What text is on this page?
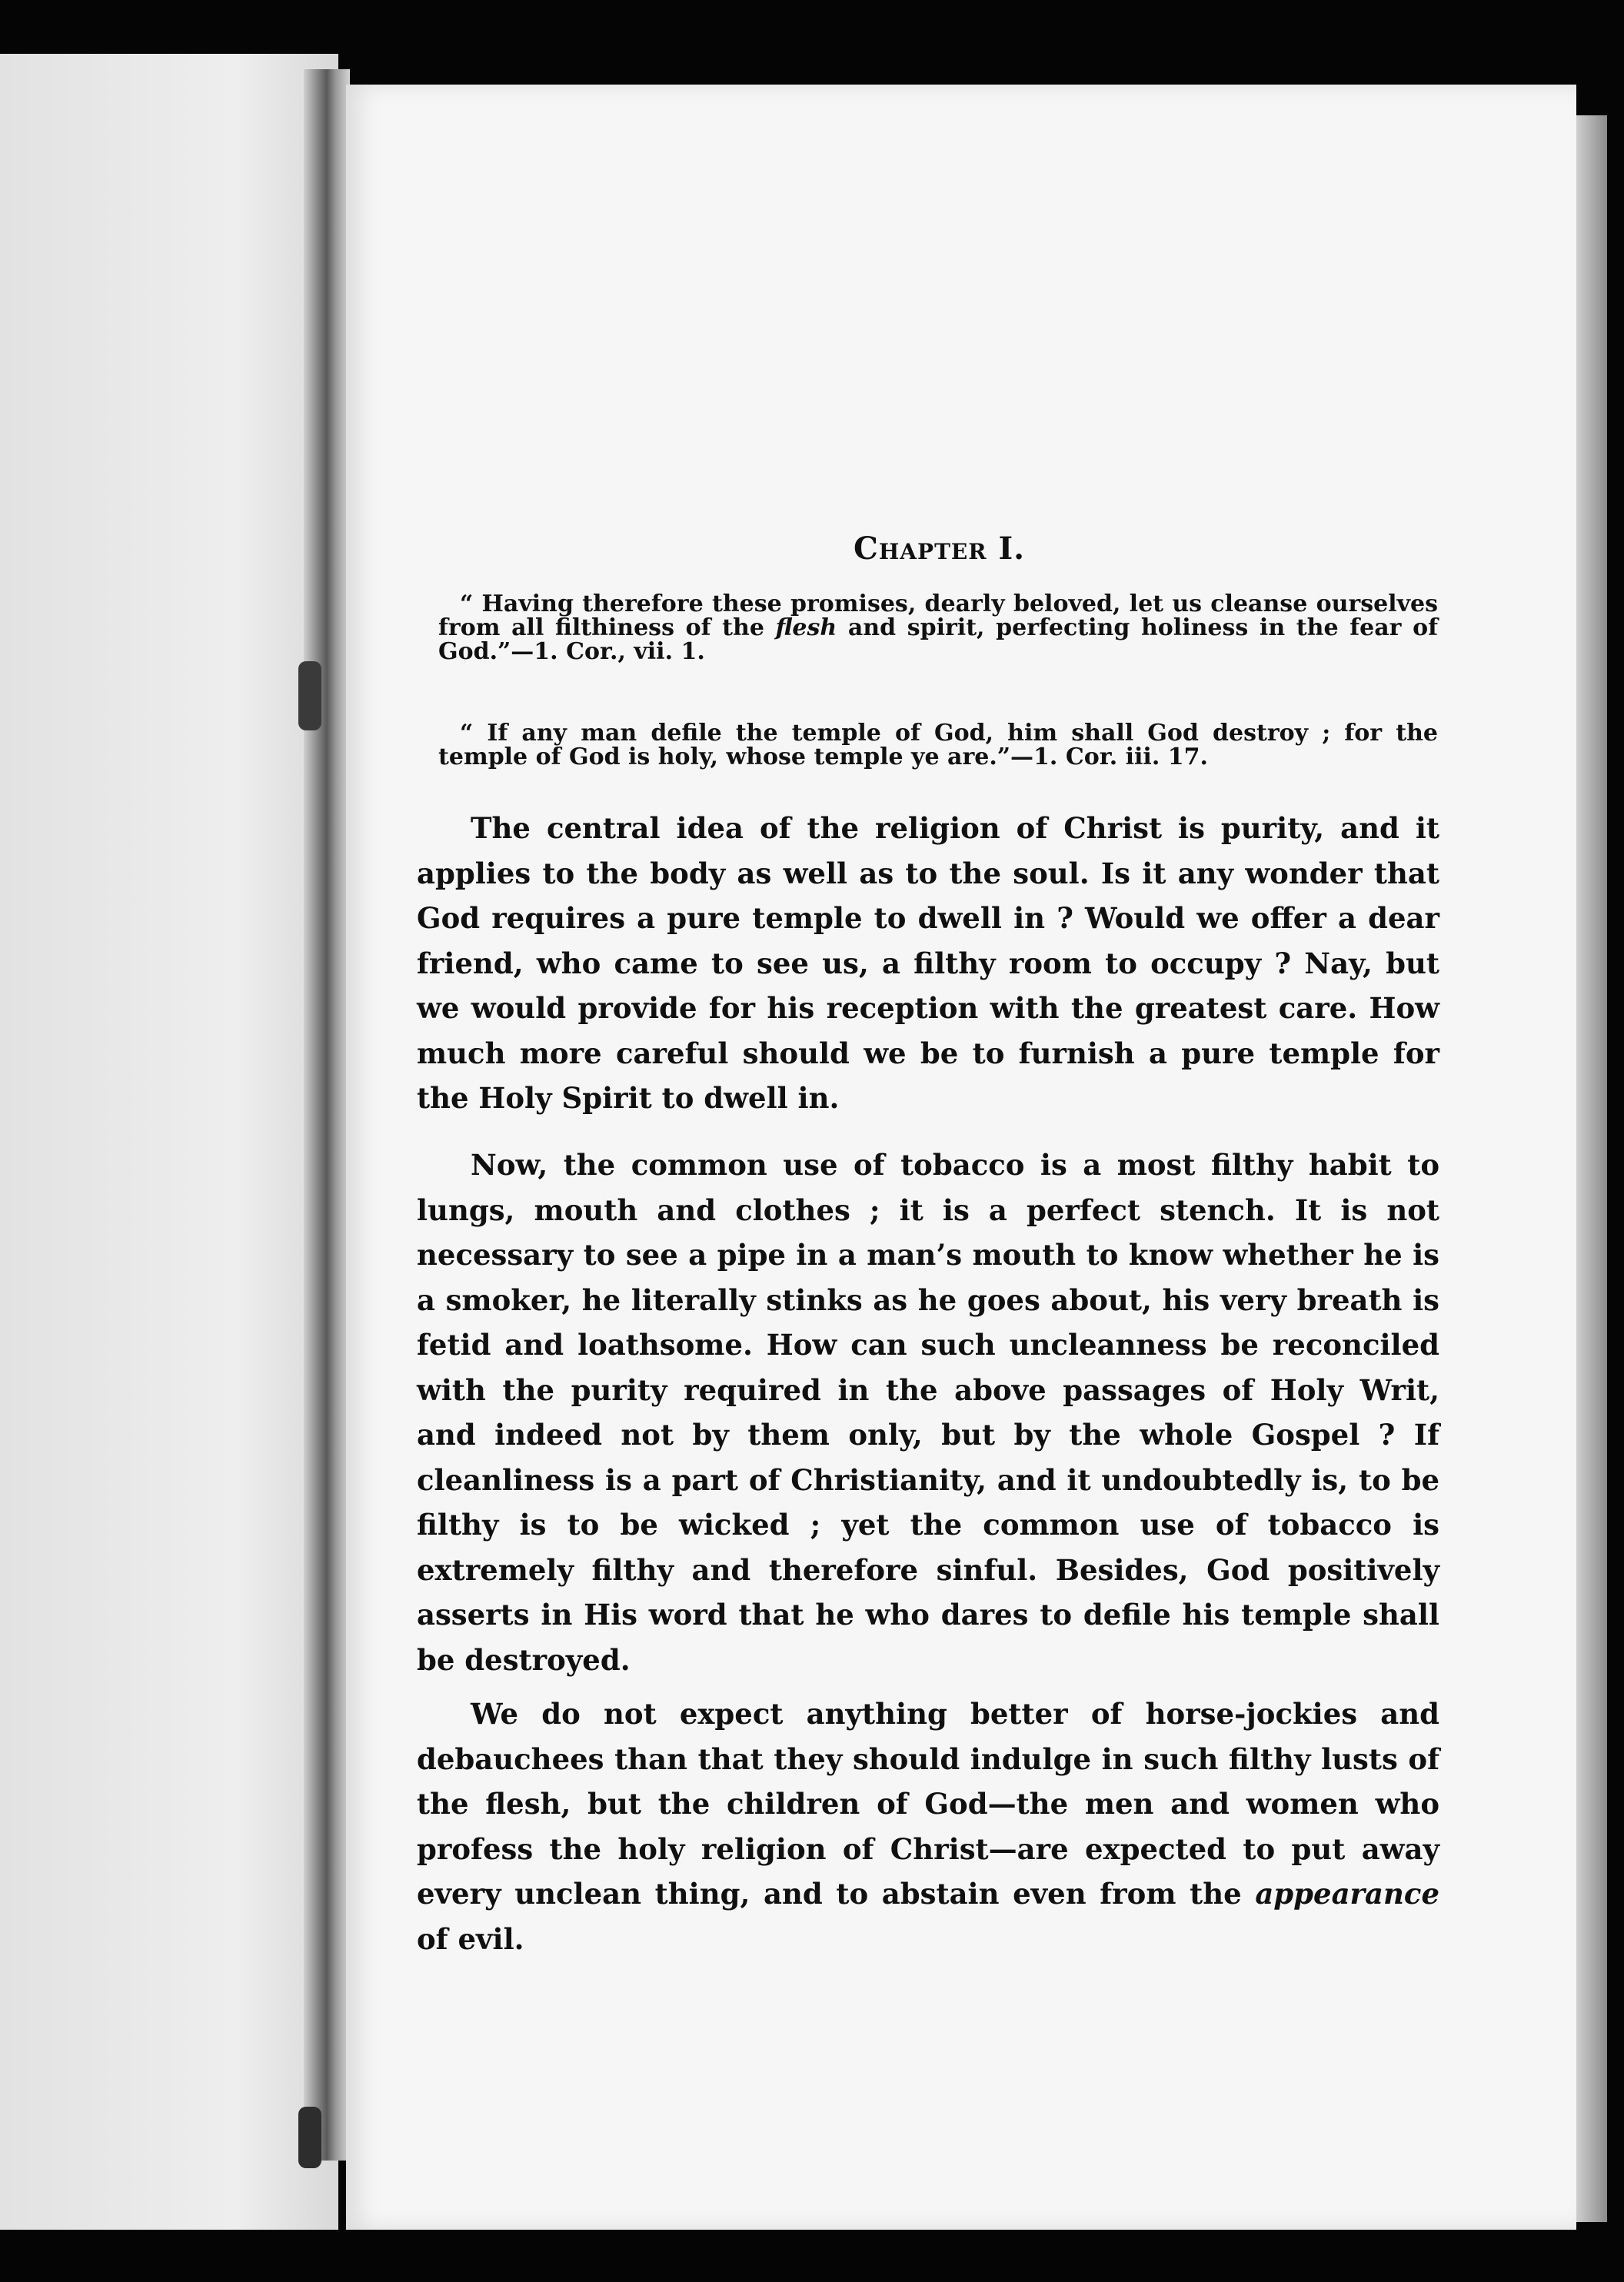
Chapter I.
“ Having therefore these promises, dearly beloved, let us cleanse ourselves from all filthiness of the flesh and spirit, perfecting holiness in the fear of God.”—1. Cor., vii. 1.
“ If any man defile the temple of God, him shall God destroy ; for the temple of God is holy, whose temple ye are.”—1. Cor. iii. 17.

The central idea of the religion of Christ is purity, and it applies to the body as well as to the soul. Is it any wonder that God requires a pure temple to dwell in ? Would we offer a dear friend, who came to see us, a filthy room to occupy ? Nay, but we would provide for his reception with the greatest care. How much more careful should we be to furnish a pure temple for the Holy Spirit to dwell in.

Now, the common use of tobacco is a most filthy habit to lungs, mouth and clothes ; it is a perfect stench. It is not necessary to see a pipe in a man’s mouth to know whether he is a smoker, he literally stinks as he goes about, his very breath is fetid and loathsome. How can such uncleanness be reconciled with the purity required in the above passages of Holy Writ, and indeed not by them only, but by the whole Gospel ? If cleanliness is a part of Christianity, and it undoubtedly is, to be filthy is to be wicked ; yet the common use of tobacco is extremely filthy and therefore sinful. Besides, God positively asserts in His word that he who dares to defile his temple shall be destroyed.

We do not expect anything better of horse-jockies and debauchees than that they should indulge in such filthy lusts of the flesh, but the children of God—the men and women who profess the holy religion of Christ—are expected to put away every unclean thing, and to abstain even from the appearance of evil.
